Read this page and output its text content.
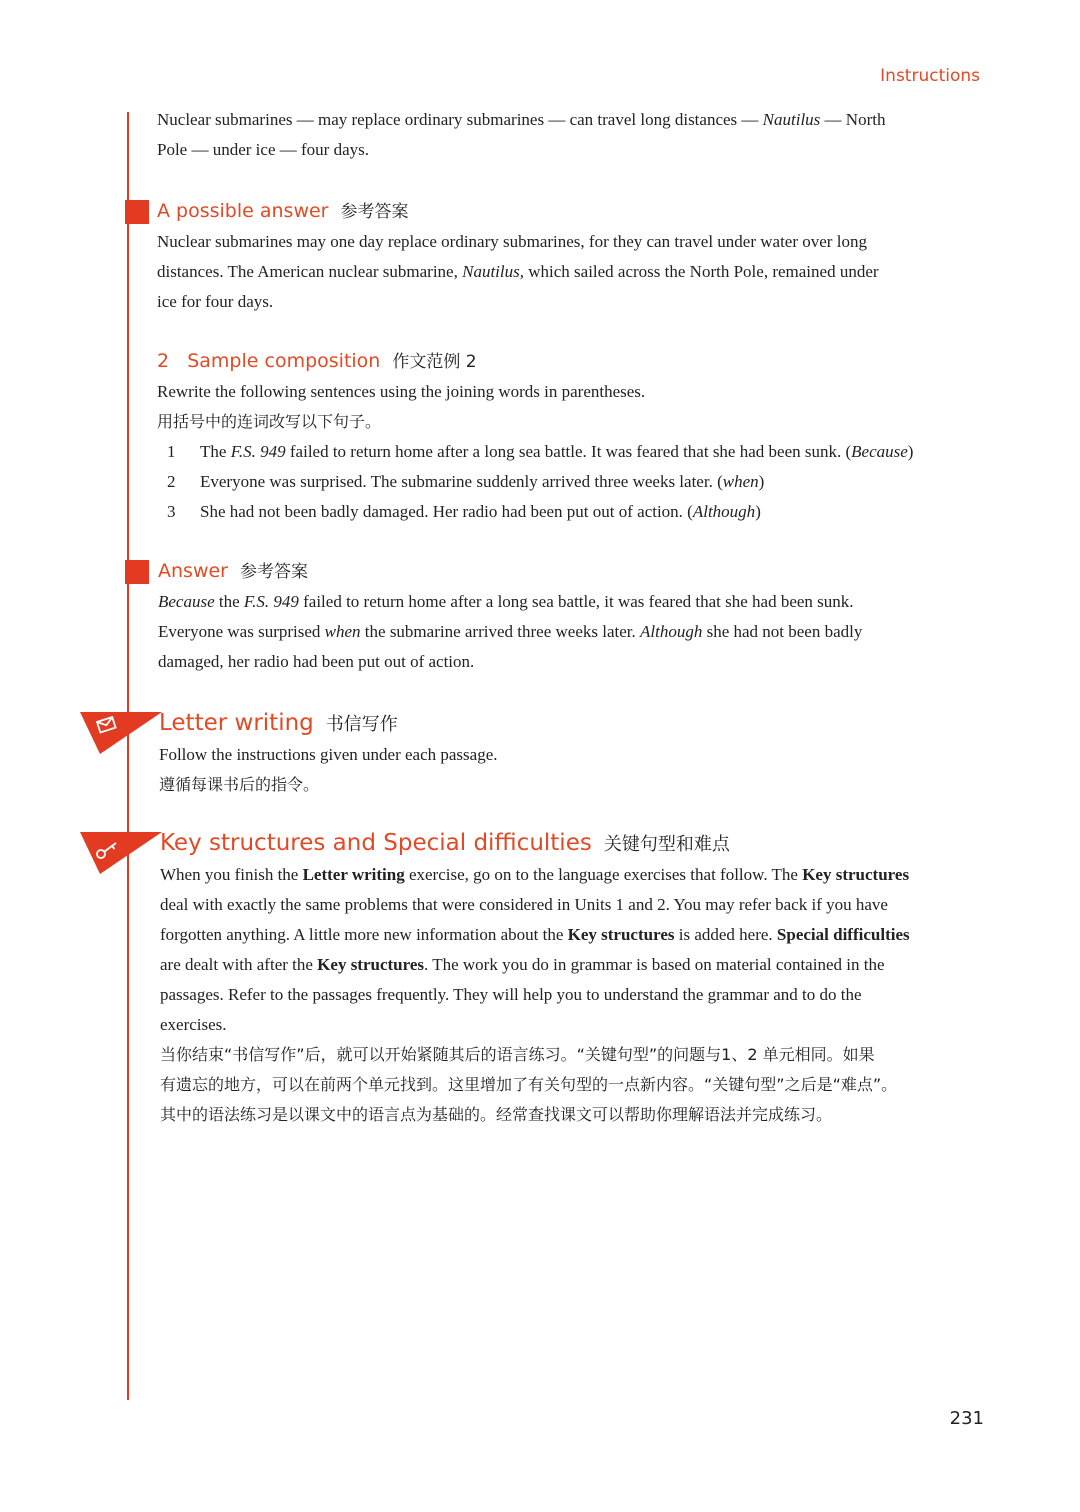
Instructions

Nuclear submarines — may replace ordinary submarines — can travel long distances — Nautilus — North

Pole — under ice — four days.

A possible answer 参考答案

Nuclear submarines may one day replace ordinary submarines, for they can travel under water over long

distances. The American nuclear submarine, Nautilus, which sailed across the North Pole, remained under

ice for four days.

2 Sample composition 作文范例 2

Rewrite the following sentences using the joining words in parentheses.

用括号中的连词改写以下句子。

1 The F.S. 949 failed to return home after a long sea battle. It was feared that she had been sunk. (Because)
2 Everyone was surprised. The submarine suddenly arrived three weeks later. (when)
3 She had not been badly damaged. Her radio had been put out of action. (Although)
Answer 参考答案

Because the F.S. 949 failed to return home after a long sea battle, it was feared that she had been sunk.

Everyone was surprised when the submarine arrived three weeks later. Although she had not been badly

damaged, her radio had been put out of action.

Letter writing 书信写作

Follow the instructions given under each passage.

遵循每课书后的指令。

Key structures and Special difficulties 关键句型和难点

When you finish the Letter writing exercise, go on to the language exercises that follow. The Key structures

deal with exactly the same problems that were considered in Units 1 and 2. You may refer back if you have

forgotten anything. A little more new information about the Key structures is added here. Special difficulties

are dealt with after the Key structures. The work you do in grammar is based on material contained in the

passages. Refer to the passages frequently. They will help you to understand the grammar and to do the

exercises.

当你结束“书信写作”后，就可以开始紧随其后的语言练习。“关键句型”的问题与1、2 单元相同。如果

有遗忘的地方，可以在前两个单元找到。这里增加了有关句型的一点新内容。“关键句型”之后是“难点”。

其中的语法练习是以课文中的语言点为基础的。经常查找课文可以帮助你理解语法并完成练习。

231
